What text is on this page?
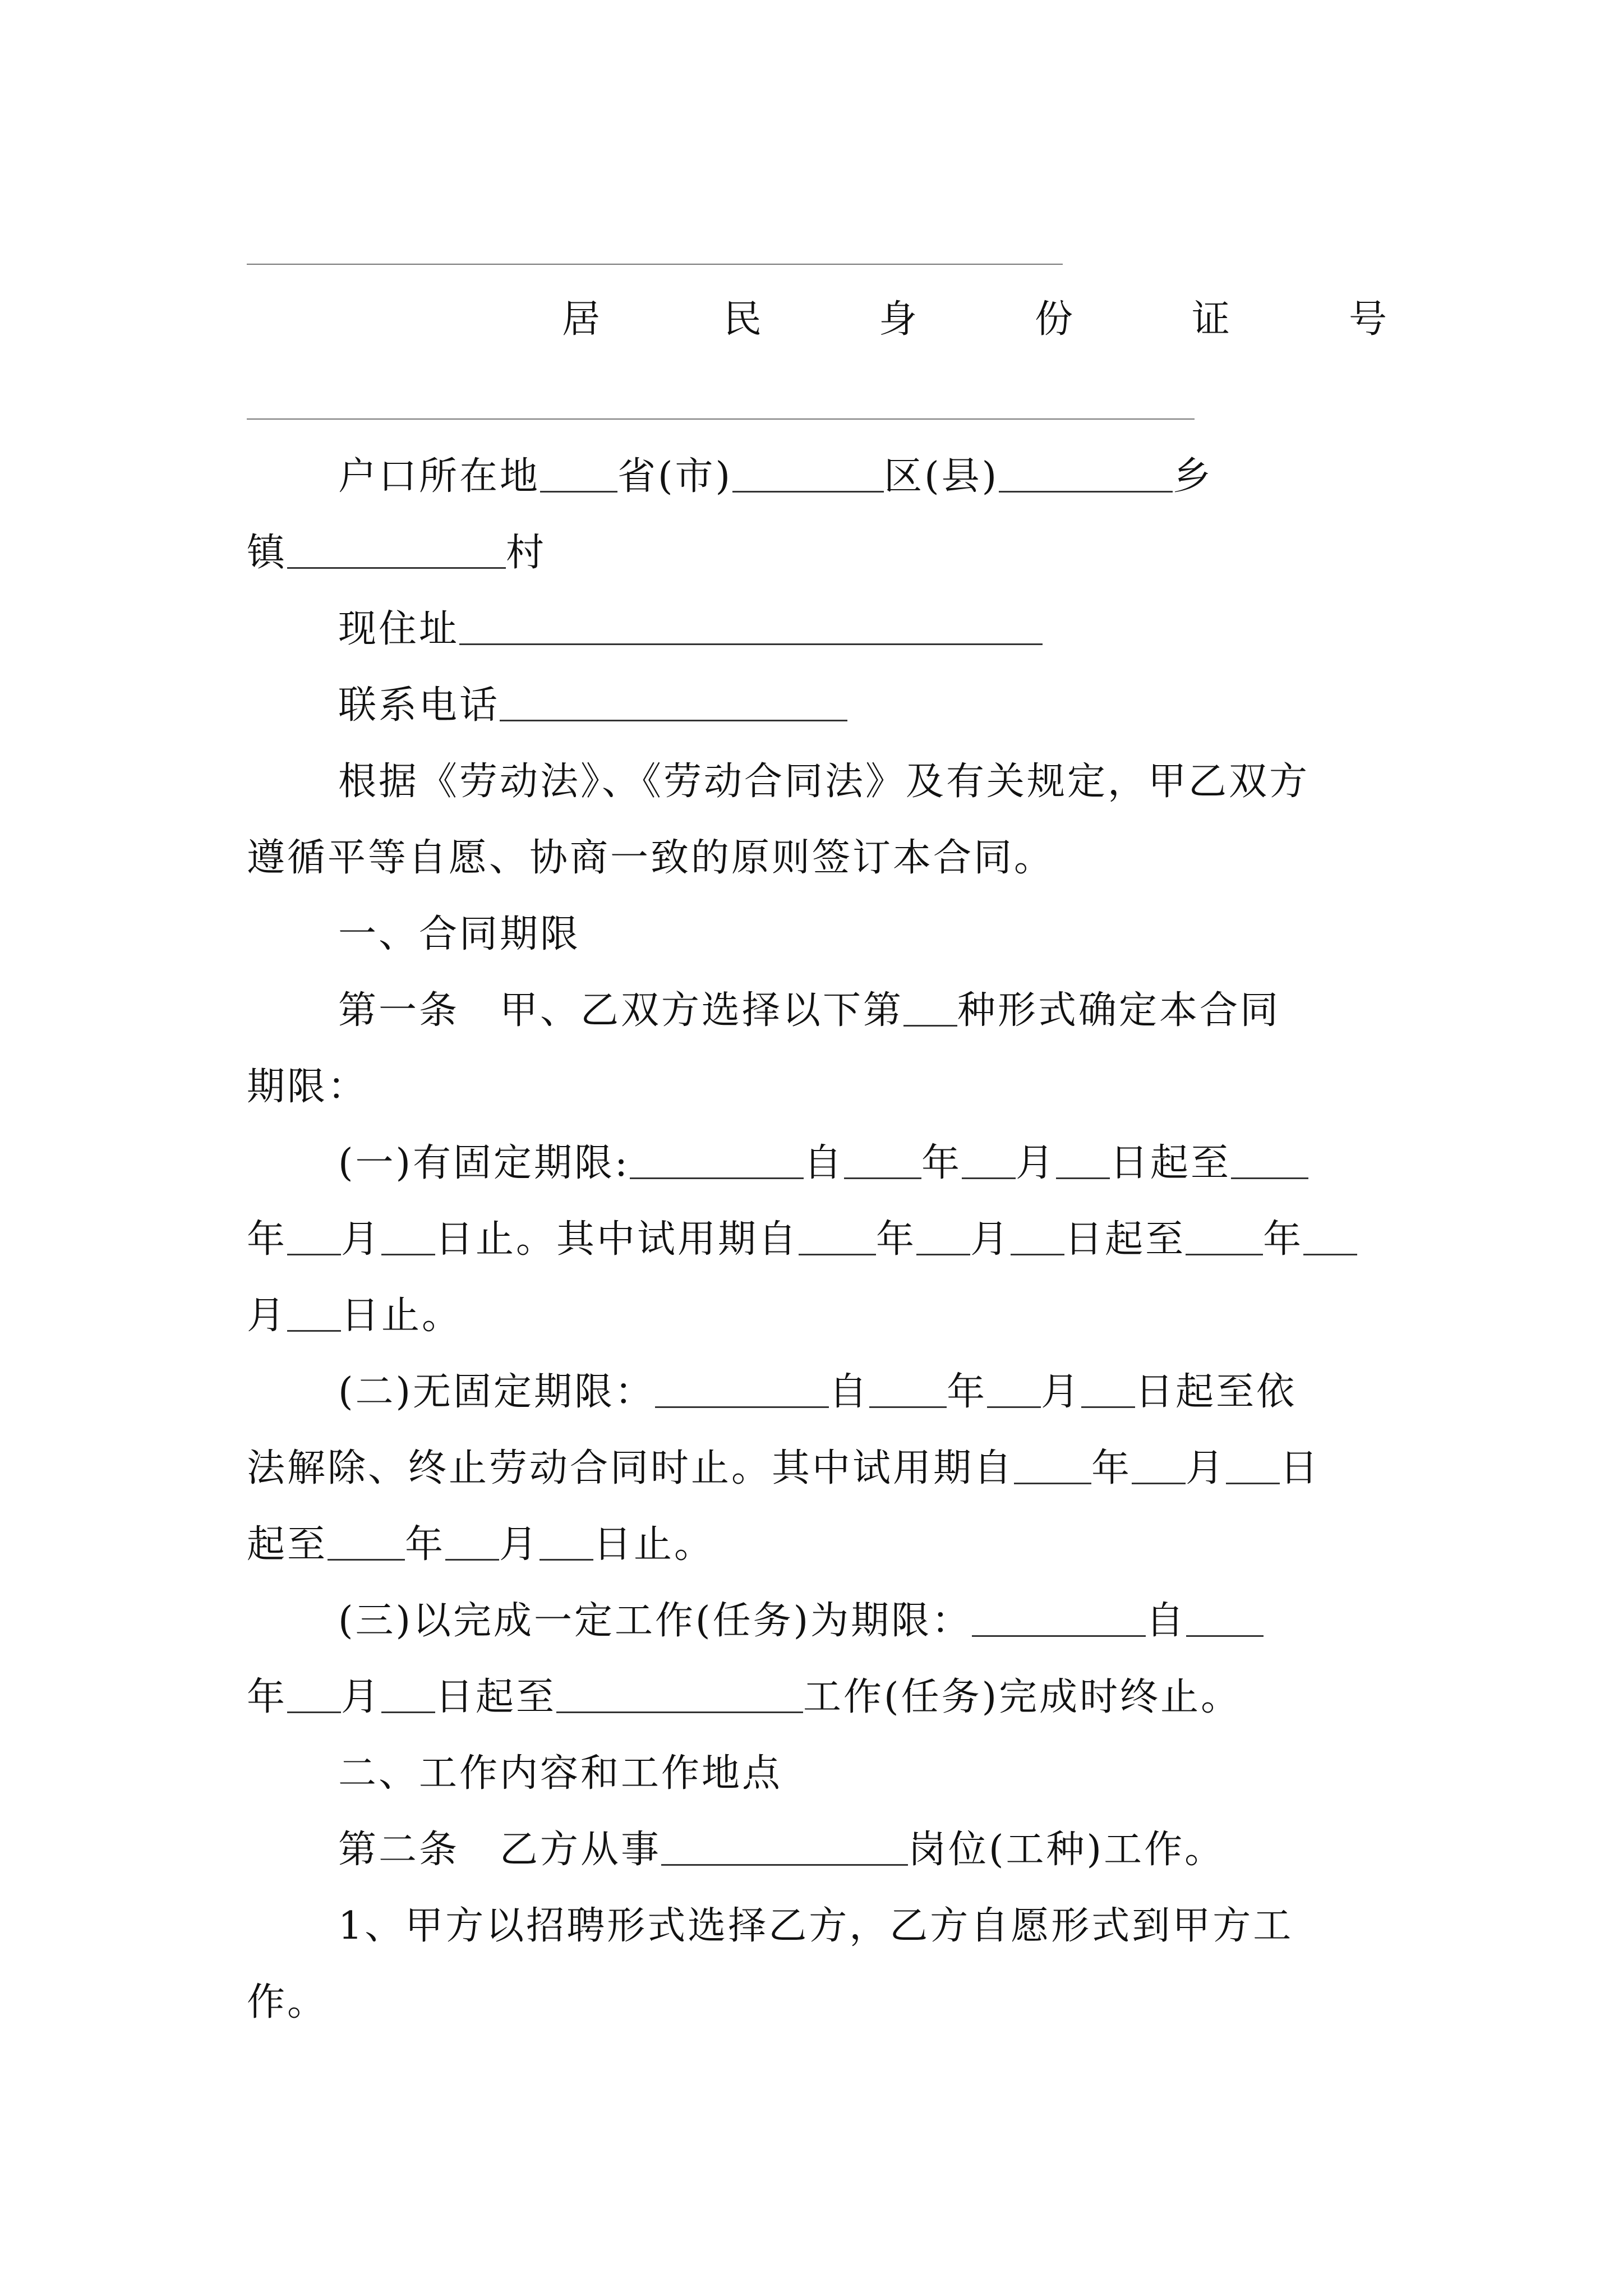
居	民	身	份	证	号
户口所在地 省(市)	区(县)	乡
镇	村
现住址
联系电话
根据《劳动法》、《劳动合同法》及有关规定，甲乙双方
遵循平等自愿、协商一致的原则签订本合同。
一、合同期限
第一条　甲、乙双方选择以下第 种形式确定本合同
期限：
(一)有固定期限:	自 年 月 日起至
年 月 日止。其中试用期自 年 月 日起至 年
月 日止。
(二)无固定期限：	自 年 月 日起至依
法解除、终止劳动合同时止。其中试用期自 年 月 日
起至 年 月 日止。
(三)以完成一定工作(任务)为期限：	自
年 月 日起至	工作(任务)完成时终止。
二、工作内容和工作地点
第二条　乙方从事	岗位(工种)工作。
1、甲方以招聘形式选择乙方，乙方自愿形式到甲方工
作。
